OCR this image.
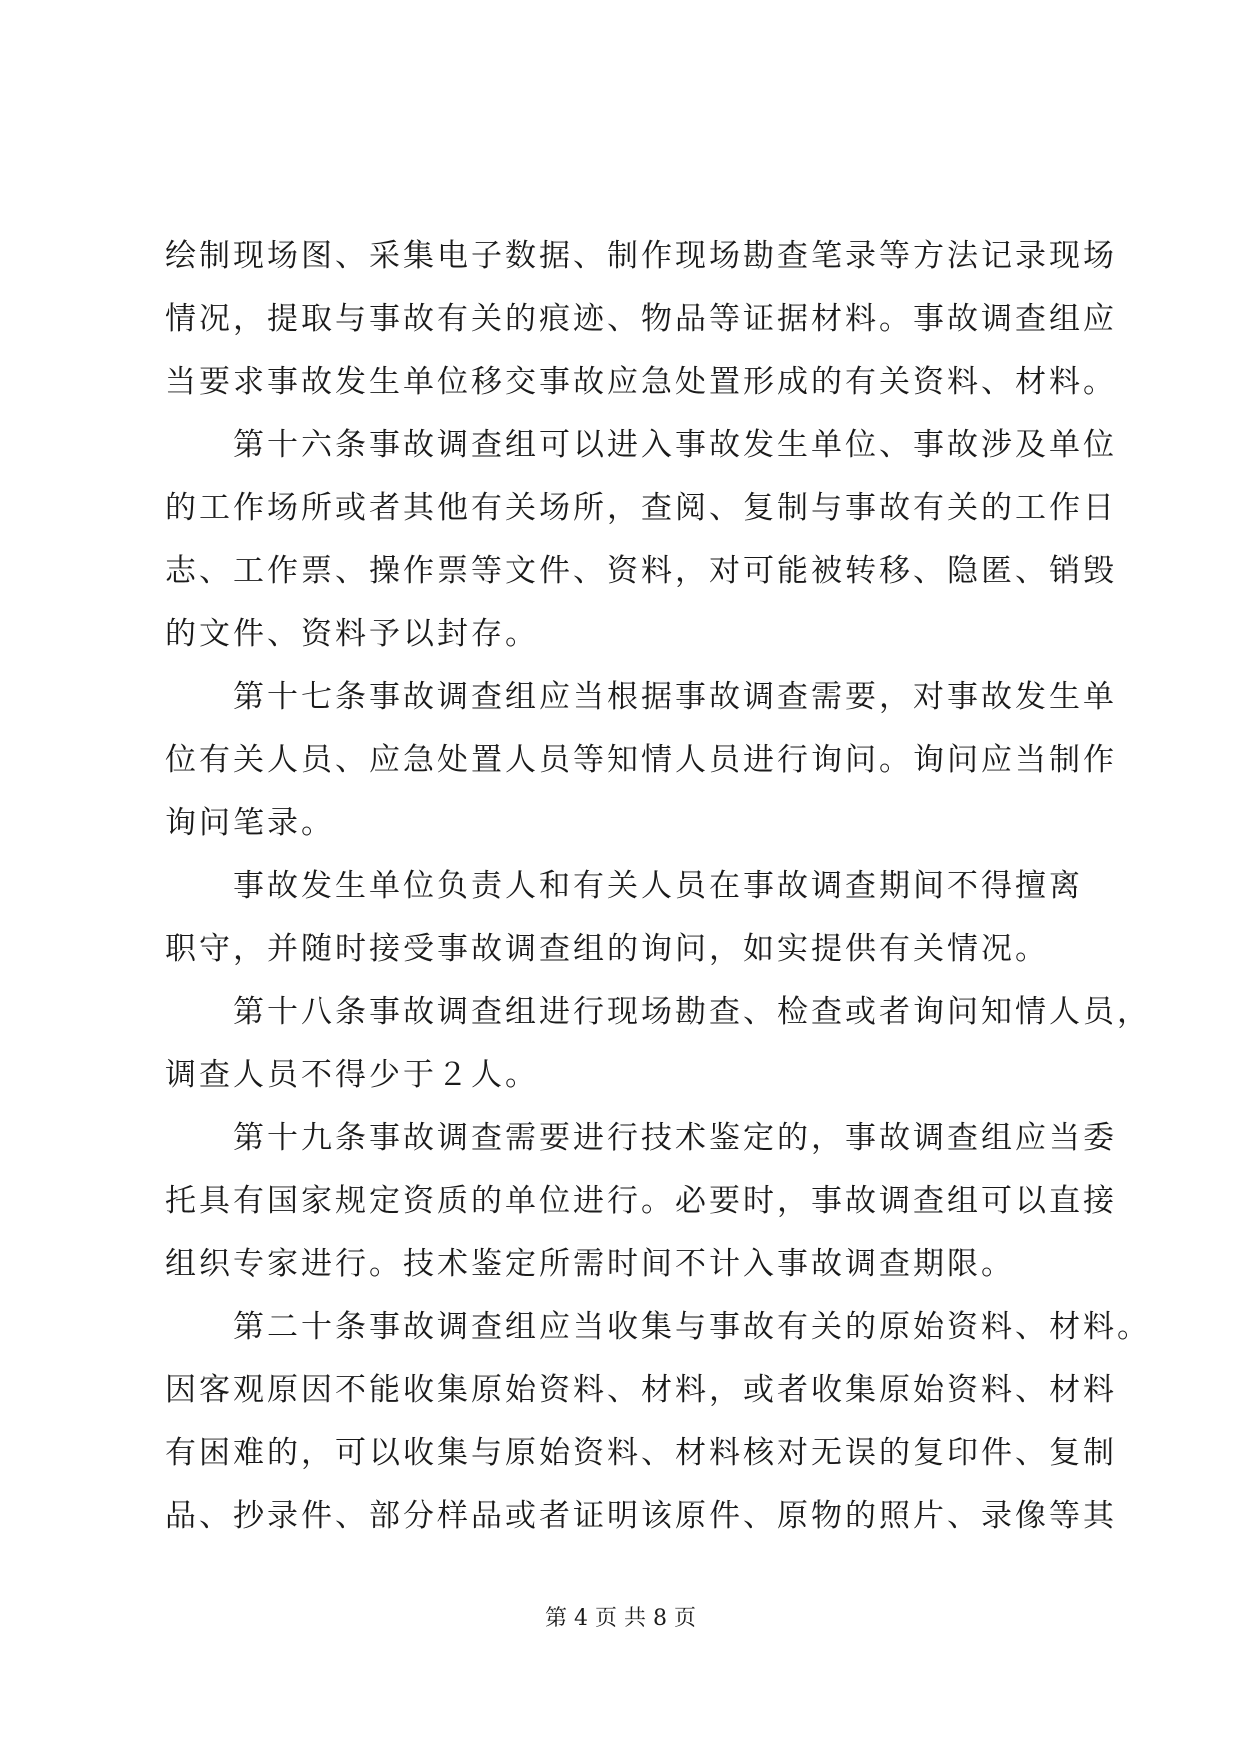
绘制现场图、采集电子数据、制作现场勘查笔录等方法记录现场

情况，提取与事故有关的痕迹、物品等证据材料。事故调查组应

当要求事故发生单位移交事故应急处置形成的有关资料、材料。

　　第十六条事故调查组可以进入事故发生单位、事故涉及单位

的工作场所或者其他有关场所，查阅、复制与事故有关的工作日

志、工作票、操作票等文件、资料，对可能被转移、隐匿、销毁

的文件、资料予以封存。

　　第十七条事故调查组应当根据事故调查需要，对事故发生单

位有关人员、应急处置人员等知情人员进行询问。询问应当制作

询问笔录。

　　事故发生单位负责人和有关人员在事故调查期间不得擅离

职守，并随时接受事故调查组的询问，如实提供有关情况。

　　第十八条事故调查组进行现场勘查、检查或者询问知情人员，

调查人员不得少于２人。

　　第十九条事故调查需要进行技术鉴定的，事故调查组应当委

托具有国家规定资质的单位进行。必要时，事故调查组可以直接

组织专家进行。技术鉴定所需时间不计入事故调查期限。

　　第二十条事故调查组应当收集与事故有关的原始资料、材料。

因客观原因不能收集原始资料、材料，或者收集原始资料、材料

有困难的，可以收集与原始资料、材料核对无误的复印件、复制

品、抄录件、部分样品或者证明该原件、原物的照片、录像等其

第 4 页 共 8 页
